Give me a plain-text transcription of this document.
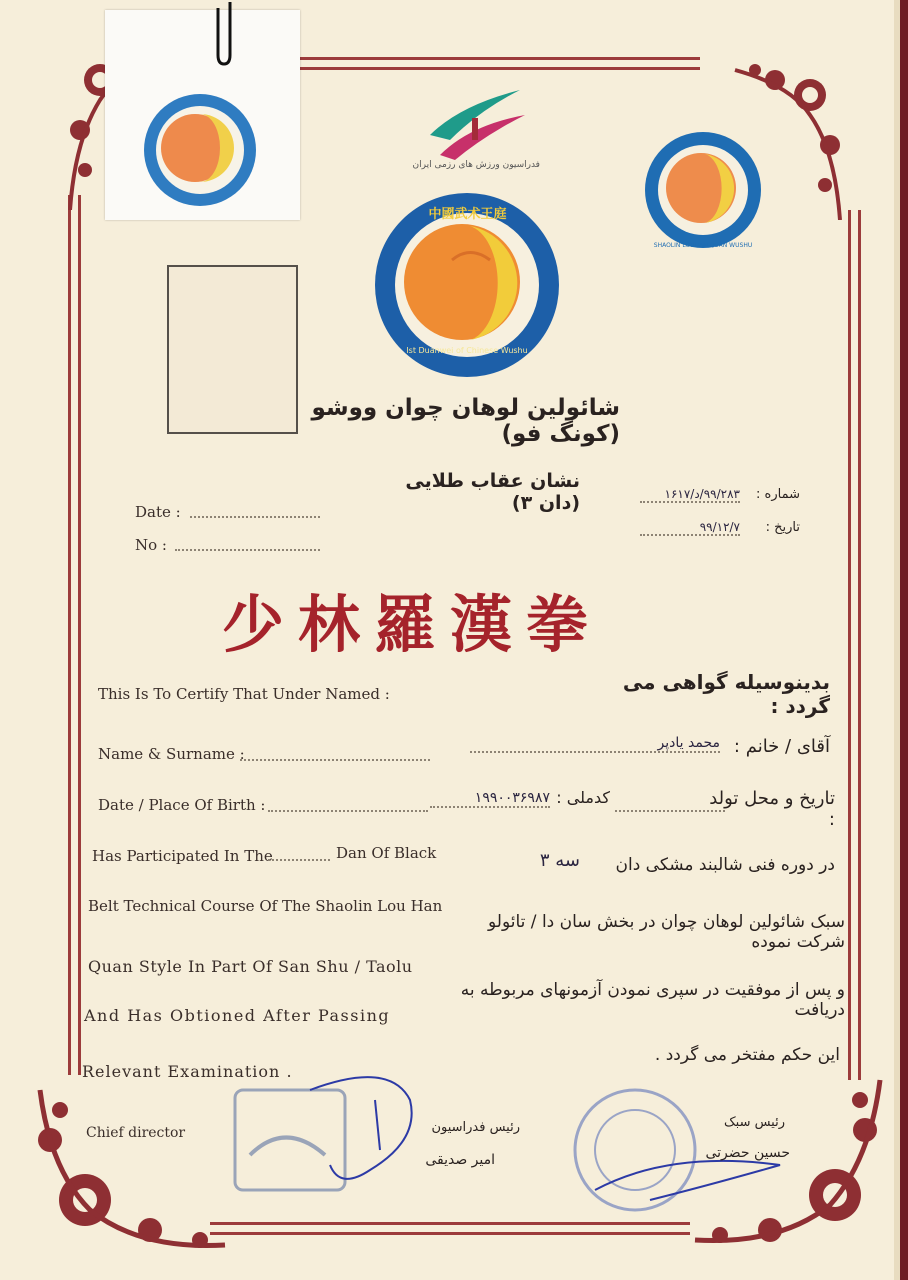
فدراسیون ورزش های رزمی ایران
SHAOLIN LOUHAN QUAN WUSHU
中國武术王庭
Ist Duanwei of Chinese Wushu
شائولین لوهان چوان ووشو (کونگ فو)
نشان عقاب طلایی (دان ۳)	شماره :
۹۹/۲۸۳/د/۱۶۱۷
تاریخ :
۹۹/۱۲/۷
Date :
No :
少林羅漢拳
This Is To Certify That Under Named :	بدینوسیله گواهی می گردد :
Name & Surname :
محمد یادپر آقای / خانم :
Date / Place Of Birth :	۱۹۹۰۰۳۶۹۸۷ کدملی :	تاریخ و محل تولد :
Has Participated In The	Dan Of Black	سه ۳	در دوره فنی شالبند مشکی دان
Belt Technical Course Of The Shaolin Lou Han
Quan Style In Part Of San Shu / Taolu
And Has Obtioned After Passing
Relevant Examination .
سبک شائولین لوهان چوان در بخش سان دا / تائولو شرکت نموده
و پس از موفقیت در سپری نمودن آزمونهای مربوطه به دریافت
این حکم مفتخر می گردد .
Chief director	رئیس فدراسیون
امیر صدیقی
رئیس سبک
حسین حضرتی
